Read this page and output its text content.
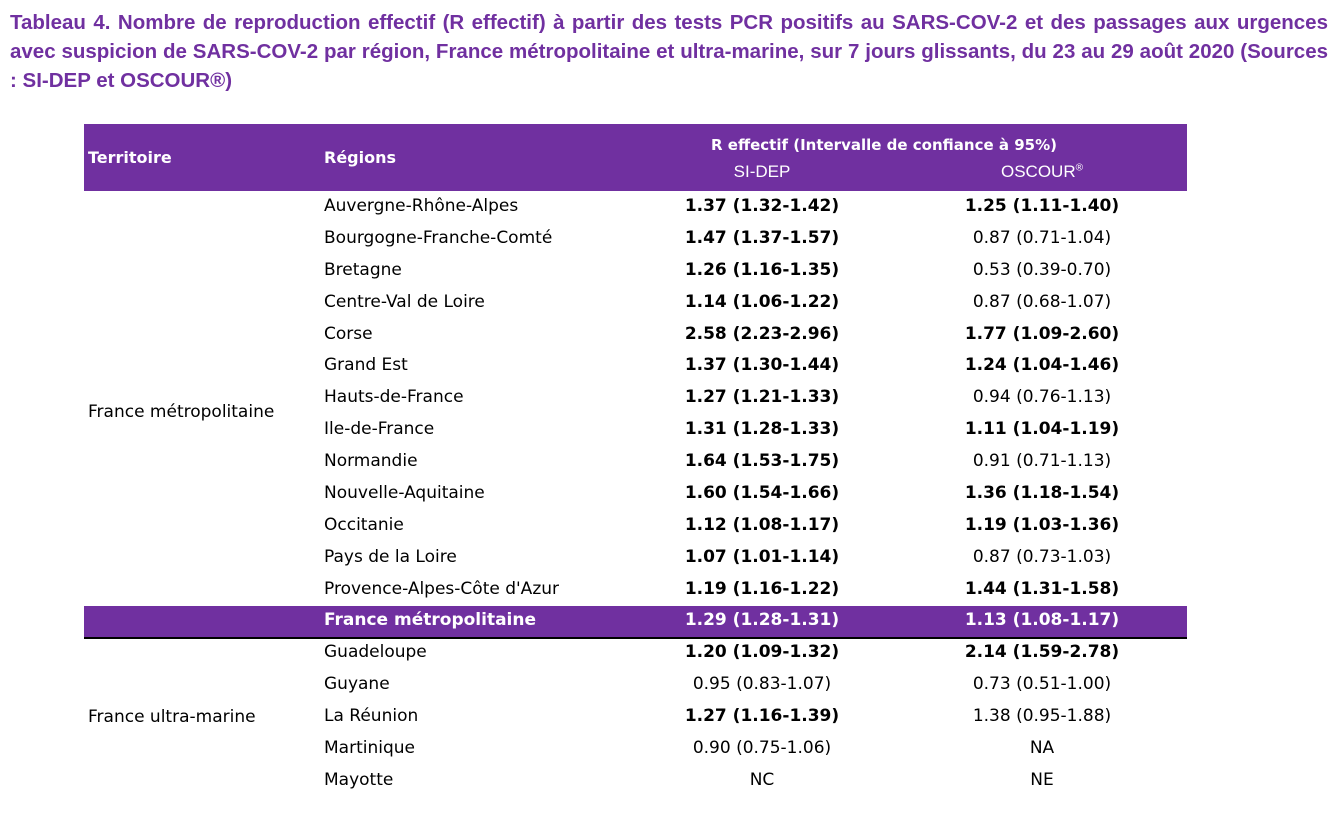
Tableau 4. Nombre de reproduction effectif (R effectif) à partir des tests PCR positifs au SARS-COV-2 et des passages aux urgences avec suspicion de SARS-COV-2 par région, France métropolitaine et ultra-marine, sur 7 jours glissants, du 23 au 29 août 2020 (Sources : SI-DEP et OSCOUR®)
Territoire	Régions
R effectif (Intervalle de confiance à 95%)
SI-DEP	OSCOUR®
France métropolitaine
Auvergne-Rhône-Alpes	1.37 (1.32-1.42)	1.25 (1.11-1.40)
Bourgogne-Franche-Comté	1.47 (1.37-1.57)	0.87 (0.71-1.04)
Bretagne	1.26 (1.16-1.35)	0.53 (0.39-0.70)
Centre-Val de Loire	1.14 (1.06-1.22)	0.87 (0.68-1.07)
Corse	2.58 (2.23-2.96)	1.77 (1.09-2.60)
Grand Est	1.37 (1.30-1.44)	1.24 (1.04-1.46)
Hauts-de-France	1.27 (1.21-1.33)	0.94 (0.76-1.13)
Ile-de-France	1.31 (1.28-1.33)	1.11 (1.04-1.19)
Normandie	1.64 (1.53-1.75)	0.91 (0.71-1.13)
Nouvelle-Aquitaine	1.60 (1.54-1.66)	1.36 (1.18-1.54)
Occitanie	1.12 (1.08-1.17)	1.19 (1.03-1.36)
Pays de la Loire	1.07 (1.01-1.14)	0.87 (0.73-1.03)
Provence-Alpes-Côte d'Azur	1.19 (1.16-1.22)	1.44 (1.31-1.58)
France métropolitaine	1.29 (1.28-1.31)	1.13 (1.08-1.17)
France ultra-marine
Guadeloupe	1.20 (1.09-1.32)	2.14 (1.59-2.78)
Guyane	0.95 (0.83-1.07)	0.73 (0.51-1.00)
La Réunion	1.27 (1.16-1.39)	1.38 (0.95-1.88)
Martinique	0.90 (0.75-1.06)	NA
Mayotte	NC	NE
